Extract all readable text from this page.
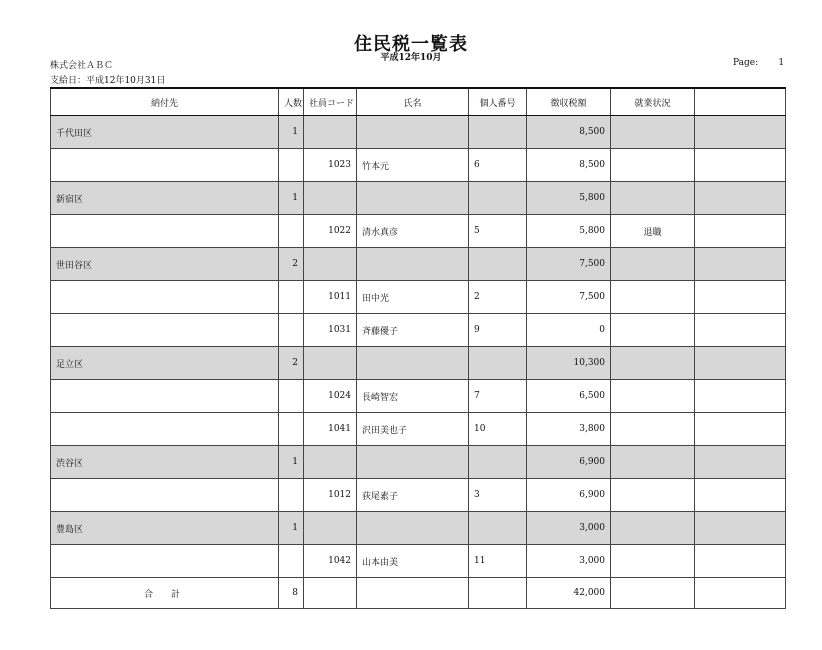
住民税一覧表
平成12年10月
株式会社ＡＢＣ
支給日：平成12年10月31日
Page: 1
納付先	人数	社員コード	氏名	個人番号	徴収税額	就業状況	
千代田区	1				8,500		
		1023	竹本元	6	8,500		
新宿区	1				5,800		
		1022	清水真彦	5	5,800	退職	
世田谷区	2				7,500		
		1011	田中光	2	7,500		
		1031	斉藤優子	9	0		
足立区	2				10,300		
		1024	長崎智宏	7	6,500		
		1041	沢田美也子	10	3,800		
渋谷区	1				6,900		
		1012	荻尾素子	3	6,900		
豊島区	1				3,000		
		1042	山本由美	11	3,000		
合計	8				42,000		
